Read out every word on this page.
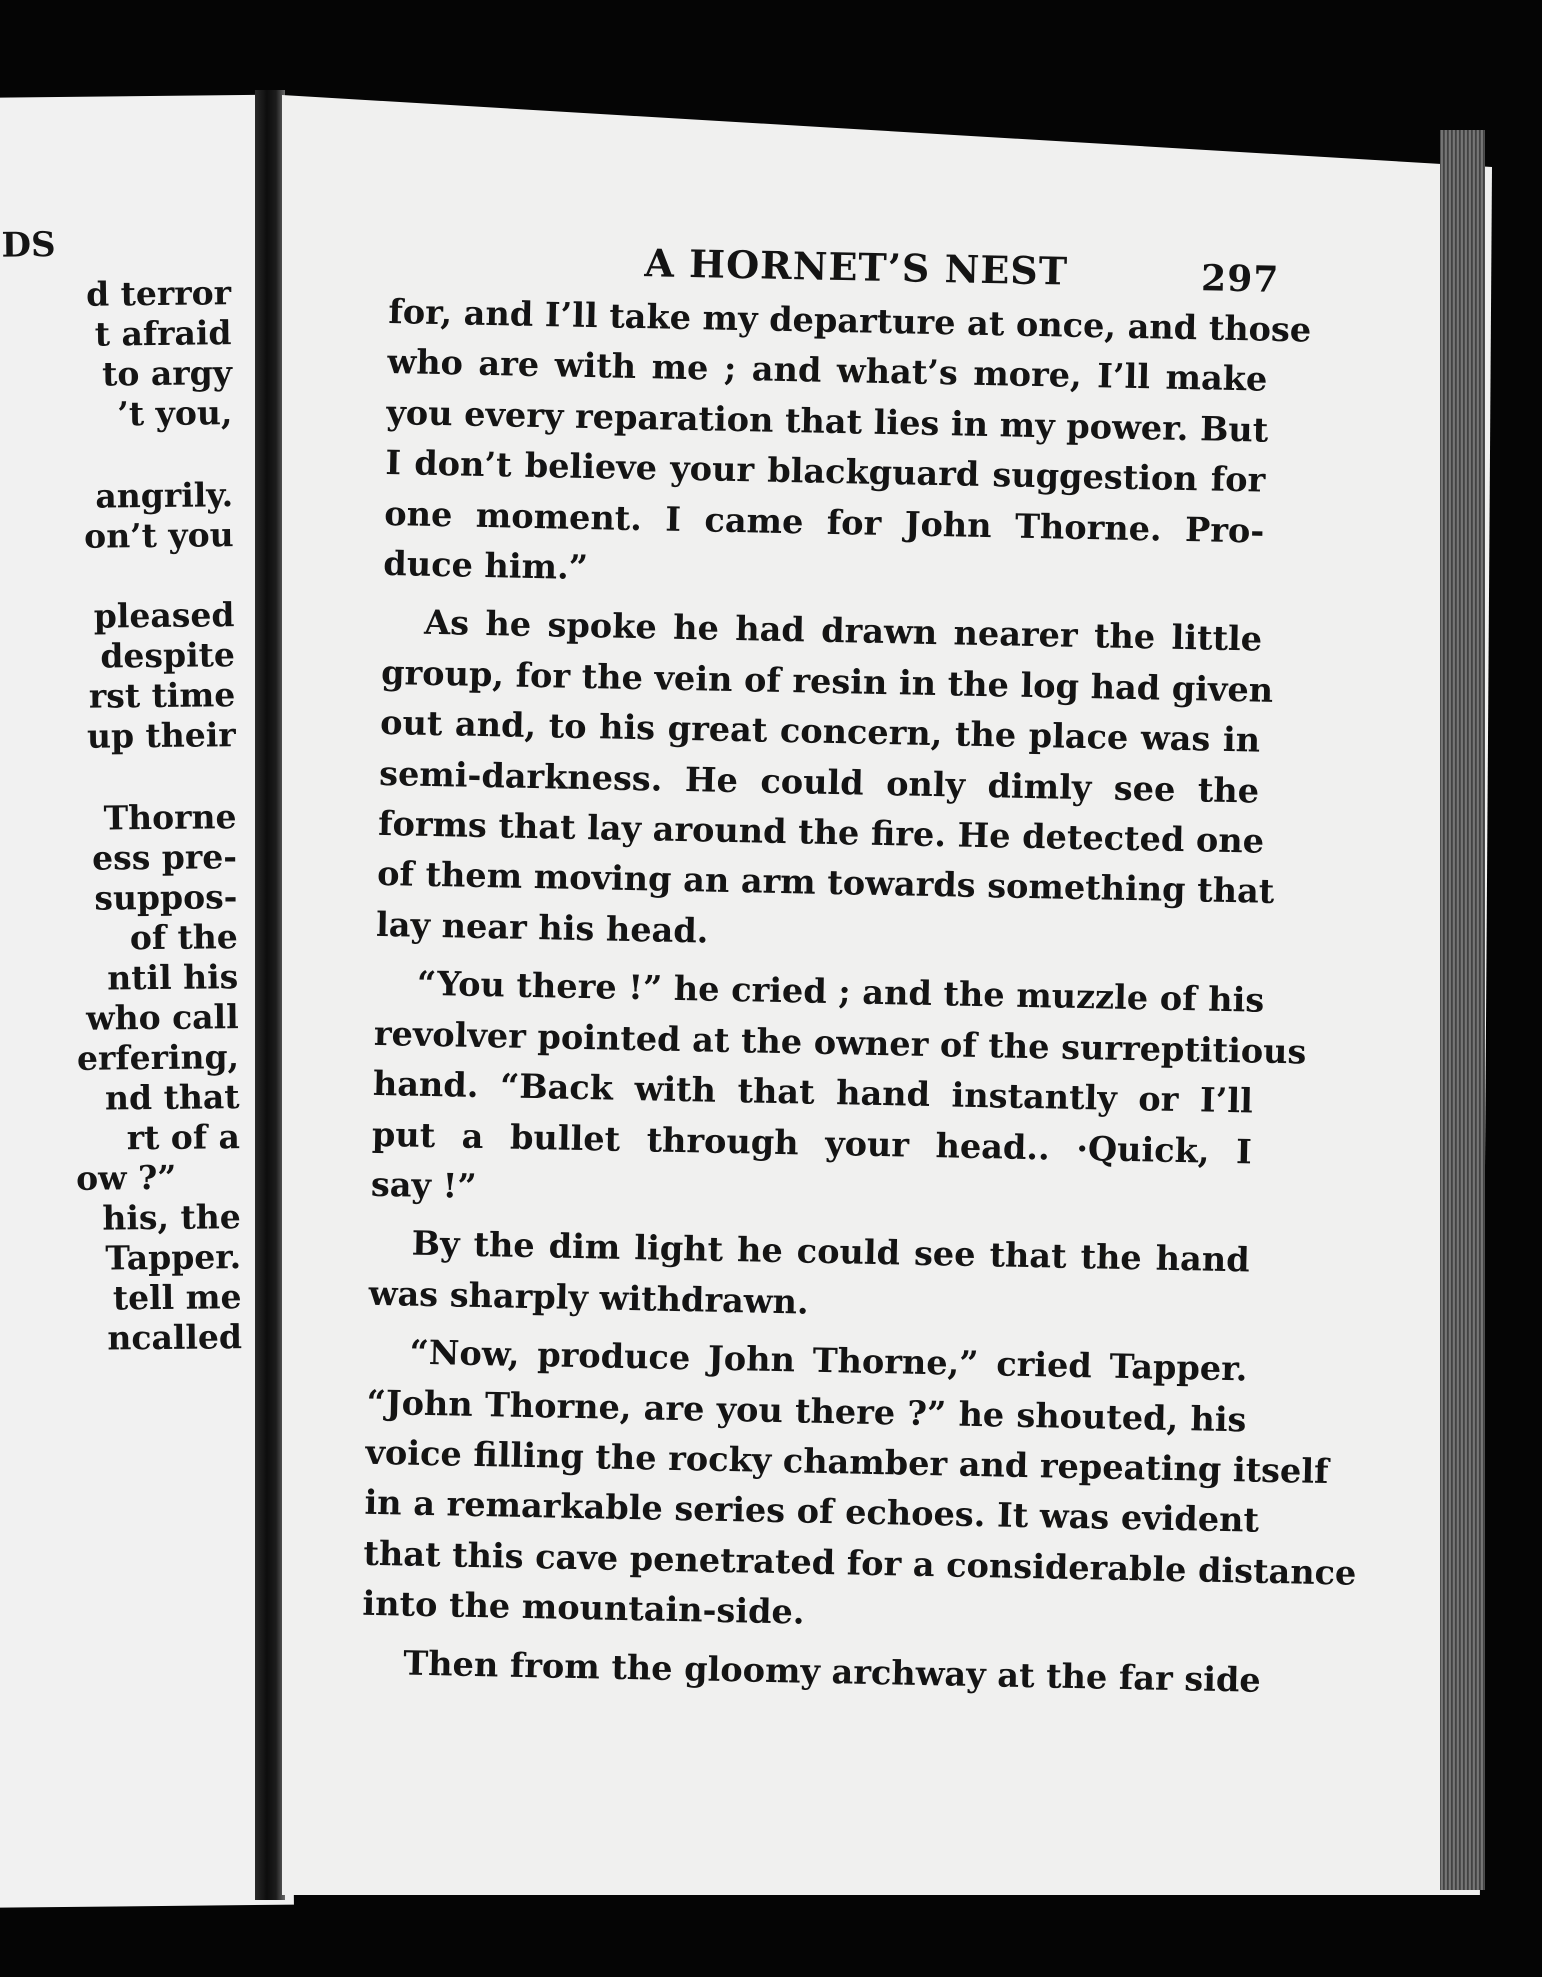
DS
d terror
t afraid
to argy
’t you,
angrily.
on’t you
pleased
despite
rst time
up their
Thorne
ess pre-
suppos-
of the
ntil his
who call
erfering,
nd that
rt of a
ow ?”
his, the
Tapper.
tell me
ncalled
A HORNET’S NEST	297

for, and I’ll take my departure at once, and those
who are with me ; and what’s more, I’ll make
you every reparation that lies in my power. But
I don’t believe your blackguard suggestion for
one moment. I came for John Thorne. Pro-
duce him.”

As he spoke he had drawn nearer the little
group, for the vein of resin in the log had given
out and, to his great concern, the place was in
semi-darkness. He could only dimly see the
forms that lay around the fire. He detected one
of them moving an arm towards something that
lay near his head.

“You there !” he cried ; and the muzzle of his
revolver pointed at the owner of the surreptitious
hand. “Back with that hand instantly or I’ll
put a bullet through your head.. ·Quick, I
say !”

By the dim light he could see that the hand
was sharply withdrawn.

“Now, produce John Thorne,” cried Tapper.
“John Thorne, are you there ?” he shouted, his
voice filling the rocky chamber and repeating itself
in a remarkable series of echoes. It was evident
that this cave penetrated for a considerable distance
into the mountain-side.

Then from the gloomy archway at the far side
